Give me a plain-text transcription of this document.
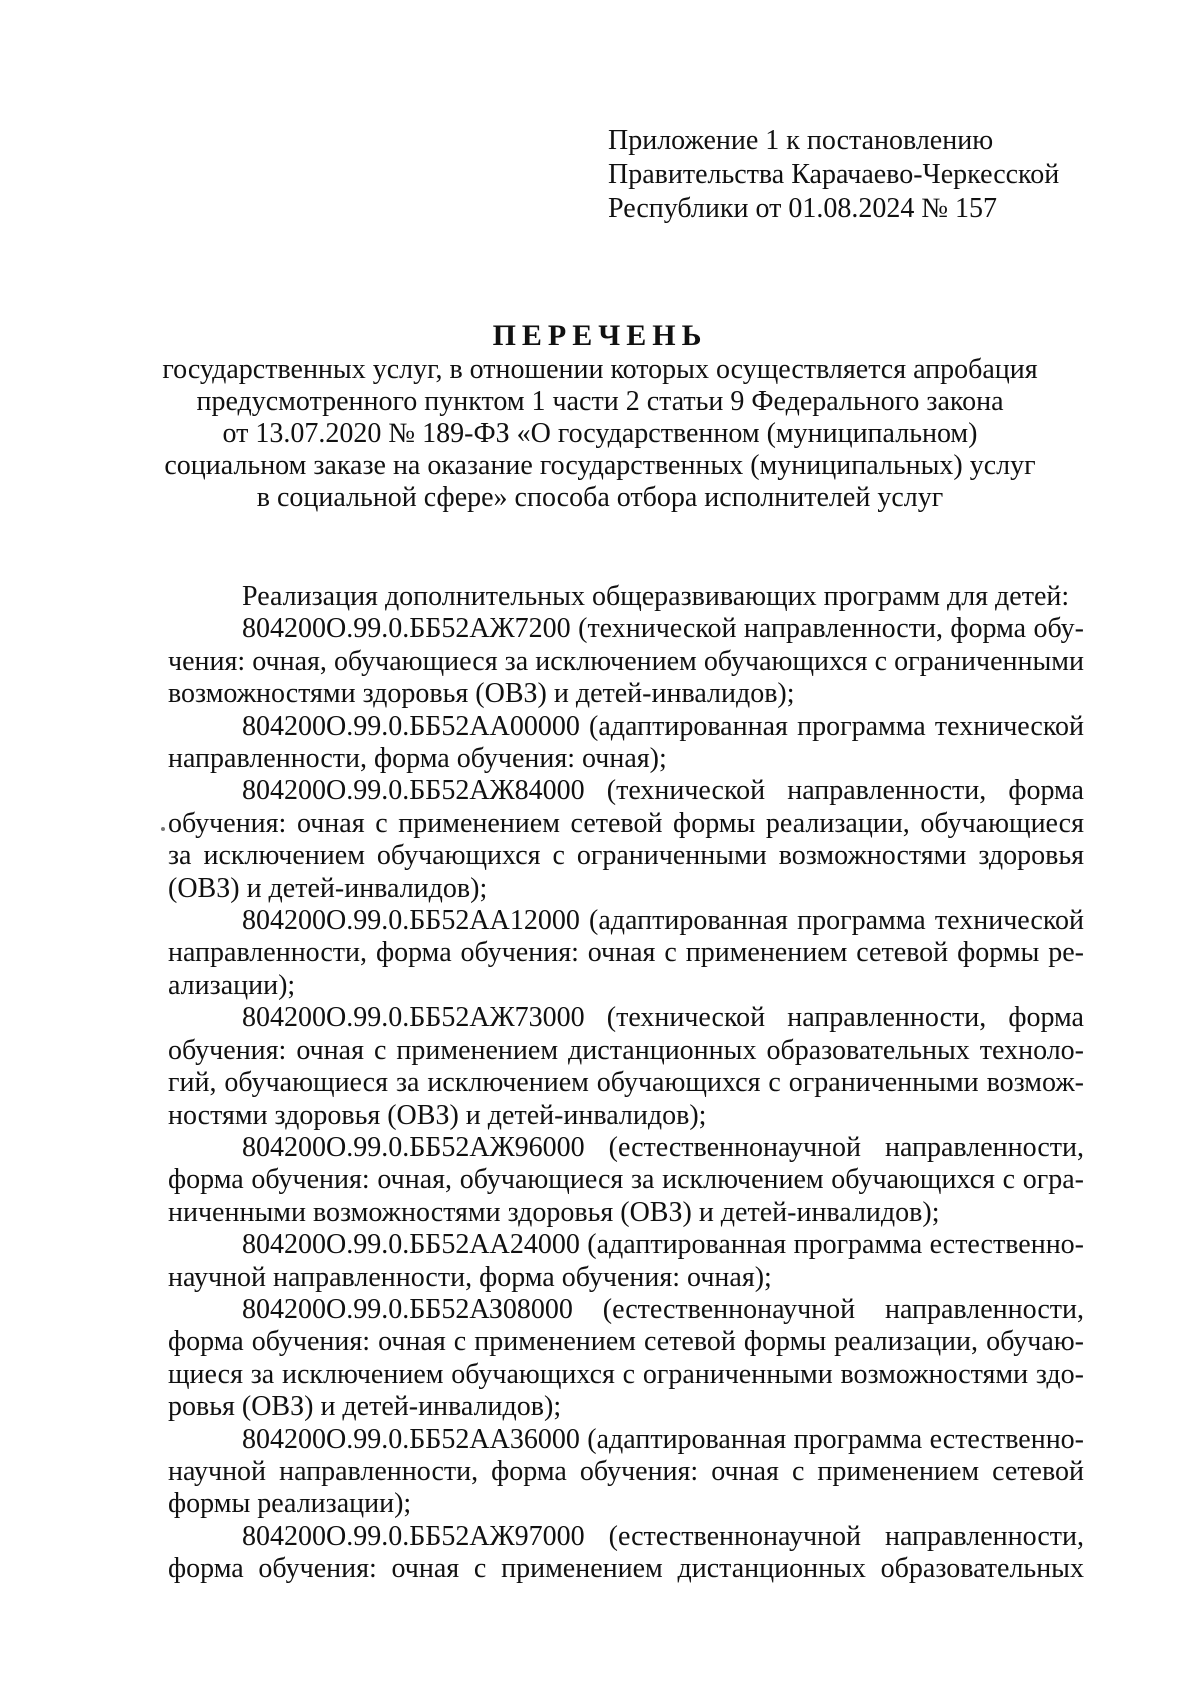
Приложение 1 к постановлению
Правительства Карачаево-Черкесской
Республики от 01.08.2024 № 157
ПЕРЕЧЕНЬ
государственных услуг, в отношении которых осуществляется апробация
предусмотренного пунктом 1 части 2 статьи 9 Федерального закона
от 13.07.2020 № 189-ФЗ «О государственном (муниципальном)
социальном заказе на оказание государственных (муниципальных) услуг
в социальной сфере» способа отбора исполнителей услуг
Реализация дополнительных общеразвивающих программ для детей:
804200О.99.0.ББ52АЖ7200 (технической направленности, форма обу-
чения: очная, обучающиеся за исключением обучающихся с ограниченными
возможностями здоровья (ОВЗ) и детей-инвалидов);
804200О.99.0.ББ52АА00000 (адаптированная программа технической
направленности, форма обучения: очная);
804200О.99.0.ББ52АЖ84000 (технической направленности, форма
обучения: очная с применением сетевой формы реализации, обучающиеся
за исключением обучающихся с ограниченными возможностями здоровья
(ОВЗ) и детей-инвалидов);
804200О.99.0.ББ52АА12000 (адаптированная программа технической
направленности, форма обучения: очная с применением сетевой формы ре-
ализации);
804200О.99.0.ББ52АЖ73000 (технической направленности, форма
обучения: очная с применением дистанционных образовательных техноло-
гий, обучающиеся за исключением обучающихся с ограниченными возмож-
ностями здоровья (ОВЗ) и детей-инвалидов);
804200О.99.0.ББ52АЖ96000 (естественнонаучной направленности,
форма обучения: очная, обучающиеся за исключением обучающихся с огра-
ниченными возможностями здоровья (ОВЗ) и детей-инвалидов);
804200О.99.0.ББ52АА24000 (адаптированная программа естественно-
научной направленности, форма обучения: очная);
804200О.99.0.ББ52АЗ08000 (естественнонаучной направленности,
форма обучения: очная с применением сетевой формы реализации, обучаю-
щиеся за исключением обучающихся с ограниченными возможностями здо-
ровья (ОВЗ) и детей-инвалидов);
804200О.99.0.ББ52АА36000 (адаптированная программа естественно-
научной направленности, форма обучения: очная с применением сетевой
формы реализации);
804200О.99.0.ББ52АЖ97000 (естественнонаучной направленности,
форма обучения: очная с применением дистанционных образовательных
